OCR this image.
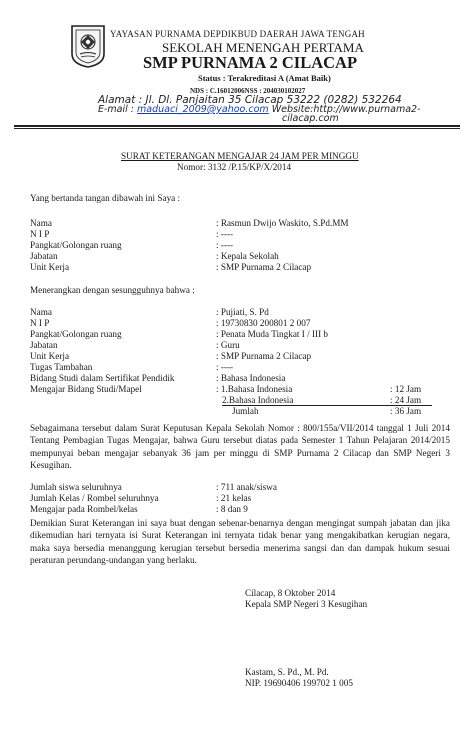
YAYASAN PURNAMA DEPDIKBUD DAERAH JAWA TENGAH
SEKOLAH MENENGAH PERTAMA
SMP PURNAMA 2 CILACAP
Status : Terakreditasi A (Amat Baik)
NDS : C.16012006NSS : 204030102027
Alamat : Jl. Dl. Panjaitan 35 Cilacap 53222 (0282) 532264
E-mail : maduaci_2009@yahoo.com Website:http://www.purnama2-
cilacap.com
SURAT KETERANGAN MENGAJAR 24 JAM PER MINGGU
Nomor: 3132 /P.15/KP/X/2014
Yang bertanda tangan dibawah ini Saya :
Nama	: Rasmun Dwijo Waskito, S.Pd.MM
N I P	: ----
Pangkat/Golongan ruang	: ----
Jabatan	: Kepala Sekolah
Unit Kerja	: SMP Purnama 2 Cilacap
Menerangkan dengan sesungguhnya bahwa :
Nama	: Pujiati, S. Pd
N I P	: 19730830 200801 2 007
Pangkat/Golongan ruang	: Penata Muda Tingkat I / III b
Jabatan	: Guru
Unit Kerja	: SMP Purnama 2 Cilacap
Tugas Tambahan	: ----
Bidang Studi dalam Sertifikat Pendidik	: Bahasa Indonesia
Mengajar Bidang Studi/Mapel	: 1.Bahasa Indonesia	: 12 Jam
2.Bahasa Indonesia	: 24 Jam
Jumlah	: 36 Jam
Sebagaimana tersebut dalam Surat Keputusan Kepala Sekolah Nomor : 800/155a/VII/2014 tanggal 1 Juli 2014 Tentang Pembagian Tugas Mengajar, bahwa Guru tersebut diatas pada Semester 1 Tahun Pelajaran 2014/2015 mempunyai beban mengajar sebanyak 36 jam per minggu di SMP Purnama 2 Cilacap dan SMP Negeri 3 Kesugihan.
Jumlah siswa seluruhnya	: 711 anak/siswa
Jumlah Kelas / Rombel seluruhnya	: 21 kelas
Mengajar pada Rombel/kelas	: 8 dan 9
Demikian Surat Keterangan ini saya buat dengan sebenar-benarnya dengan mengingat sumpah jabatan dan jika dikemudian hari ternyata isi Surat Keterangan ini ternyata tidak benar yang mengakibatkan kerugian negara, maka saya bersedia menanggung kerugian tersebut bersedia menerima sangsi dan dan dampak hukum sesuai peraturan perundang-undangan yang berlaku.
Cilacap, 8 Oktober 2014
Kepala SMP Negeri 3 Kesugihan
Kastam, S. Pd., M. Pd.
NIP. 19690406 199702 1 005
